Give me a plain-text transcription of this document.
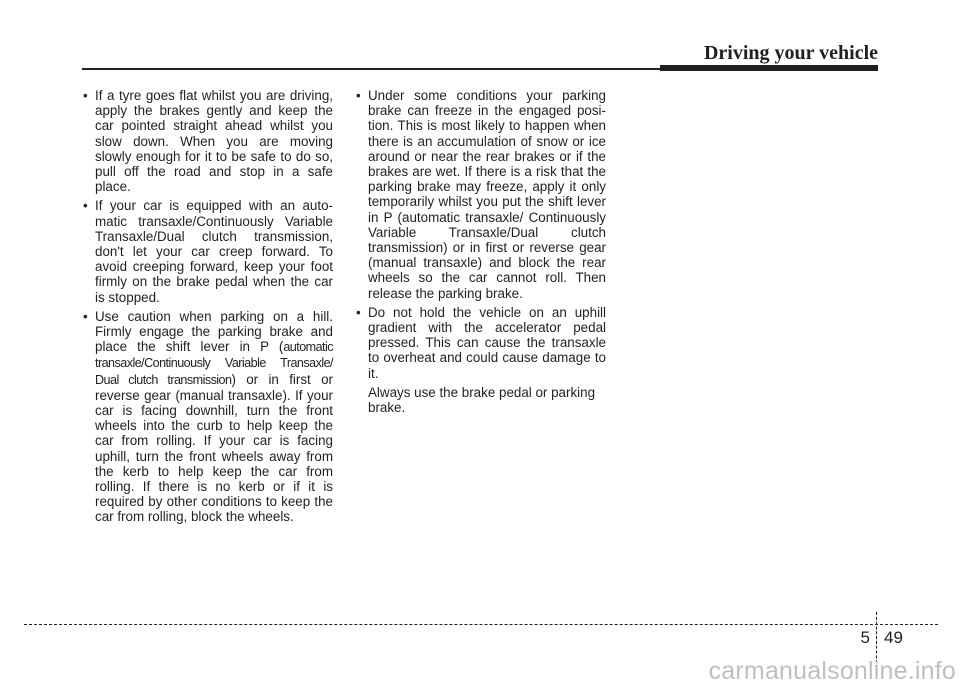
Driving your vehicle
• If a tyre goes flat whilst you are driving, apply the brakes gently and keep the car pointed straight ahead whilst you slow down. When you are moving slowly enough for it to be safe to do so, pull off the road and stop in a safe place.
• If your car is equipped with an automatic transaxle/Continuously Variable Transaxle/Dual clutch transmission, don't let your car creep forward. To avoid creeping forward, keep your foot firmly on the brake pedal when the car is stopped.
• Use caution when parking on a hill. Firmly engage the parking brake and place the shift lever in P (automatic transaxle/Continuously Variable Transaxle/ Dual clutch transmission) or in first or reverse gear (manual transaxle). If your car is facing downhill, turn the front wheels into the curb to help keep the car from rolling. If your car is facing uphill, turn the front wheels away from the kerb to help keep the car from rolling. If there is no kerb or if it is required by other conditions to keep the car from rolling, block the wheels.
• Under some conditions your parking brake can freeze in the engaged position. This is most likely to happen when there is an accumulation of snow or ice around or near the rear brakes or if the brakes are wet. If there is a risk that the parking brake may freeze, apply it only temporarily whilst you put the shift lever in P (automatic transaxle/ Continuously Variable Transaxle/Dual clutch transmission) or in first or reverse gear (manual transaxle) and block the rear wheels so the car cannot roll. Then release the parking brake.
• Do not hold the vehicle on an uphill gradient with the accelerator pedal pressed. This can cause the transaxle to overheat and could cause damage to it.

Always use the brake pedal or parking brake.

5 49

carmanualsonline.info
